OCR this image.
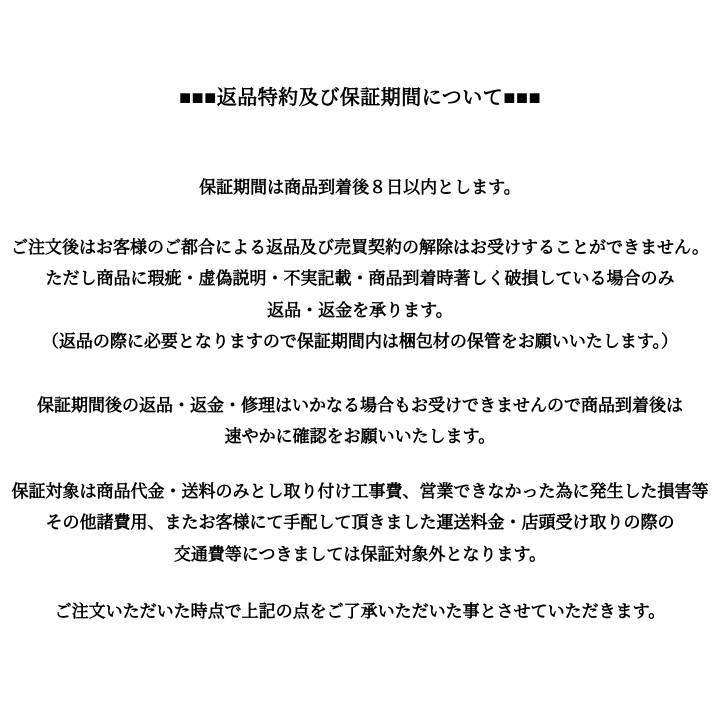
■■■返品特約及び保証期間について■■■

保証期間は商品到着後８日以内とします。

ご注文後はお客様のご都合による返品及び売買契約の解除はお受けすることができません。

ただし商品に瑕疵・虚偽説明・不実記載・商品到着時著しく破損している場合のみ

返品・返金を承ります。

（返品の際に必要となりますので保証期間内は梱包材の保管をお願いいたします。）

保証期間後の返品・返金・修理はいかなる場合もお受けできませんので商品到着後は

速やかに確認をお願いいたします。

保証対象は商品代金・送料のみとし取り付け工事費、営業できなかった為に発生した損害等

その他諸費用、またお客様にて手配して頂きました運送料金・店頭受け取りの際の

交通費等につきましては保証対象外となります。

ご注文いただいた時点で上記の点をご了承いただいた事とさせていただきます。
